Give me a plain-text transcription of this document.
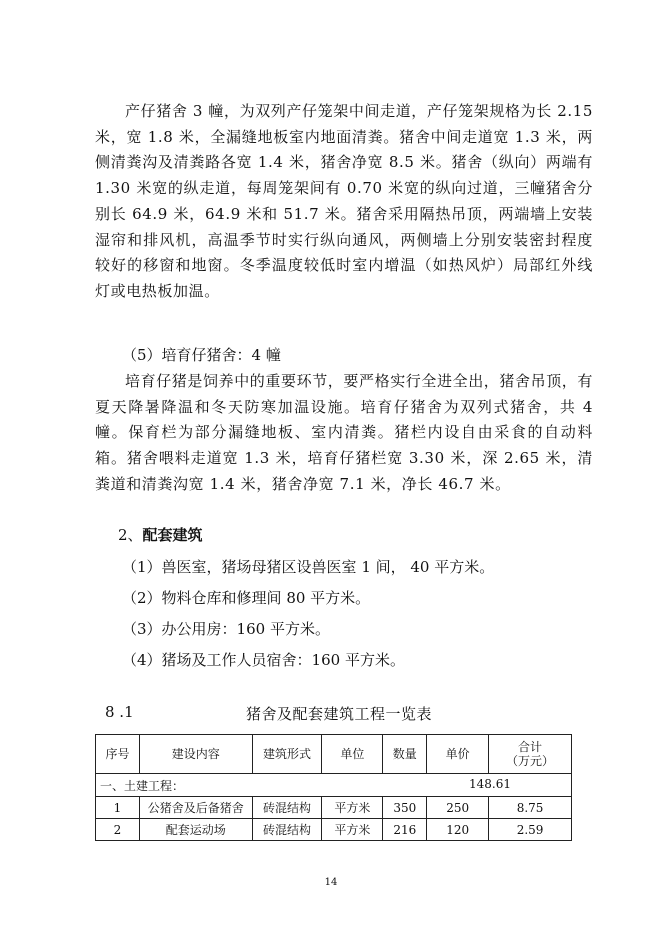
产仔猪舍 3 幢，为双列产仔笼架中间走道，产仔笼架规格为长 2.15 米，宽 1.8 米，全漏缝地板室内地面清粪。猪舍中间走道宽 1.3 米，两侧清粪沟及清粪路各宽 1.4 米，猪舍净宽 8.5 米。猪舍（纵向）两端有 1.30 米宽的纵走道，每周笼架间有 0.70 米宽的纵向过道，三幢猪舍分别长 64.9 米，64.9 米和 51.7 米。猪舍采用隔热吊顶，两端墙上安装湿帘和排风机，高温季节时实行纵向通风，两侧墙上分别安装密封程度较好的移窗和地窗。冬季温度较低时室内增温（如热风炉）局部红外线灯或电热板加温。
（5）培育仔猪舍：4 幢
培育仔猪是饲养中的重要环节，要严格实行全进全出，猪舍吊顶，有夏天降暑降温和冬天防寒加温设施。培育仔猪舍为双列式猪舍，共 4 幢。保育栏为部分漏缝地板、室内清粪。猪栏内设自由采食的自动料箱。猪舍喂料走道宽 1.3 米，培育仔猪栏宽 3.30 米，深 2.65 米，清粪道和清粪沟宽 1.4 米，猪舍净宽 7.1 米，净长 46.7 米。
2、配套建筑
（1）兽医室，猪场母猪区设兽医室 1 间， 40 平方米。
（2）物料仓库和修理间 80 平方米。
（3）办公用房：160 平方米。
（4）猪场及工作人员宿舍：160 平方米。
8 .1	猪舍及配套建筑工程一览表
序号	建设内容	建筑形式	单位	数量	单价	合计
（万元）

一、土建工程： 148.61						

1	公猪舍及后备猪舍	砖混结构	平方米	350	250	8.75
2	配套运动场	砖混结构	平方米	216	120	2.59
14
